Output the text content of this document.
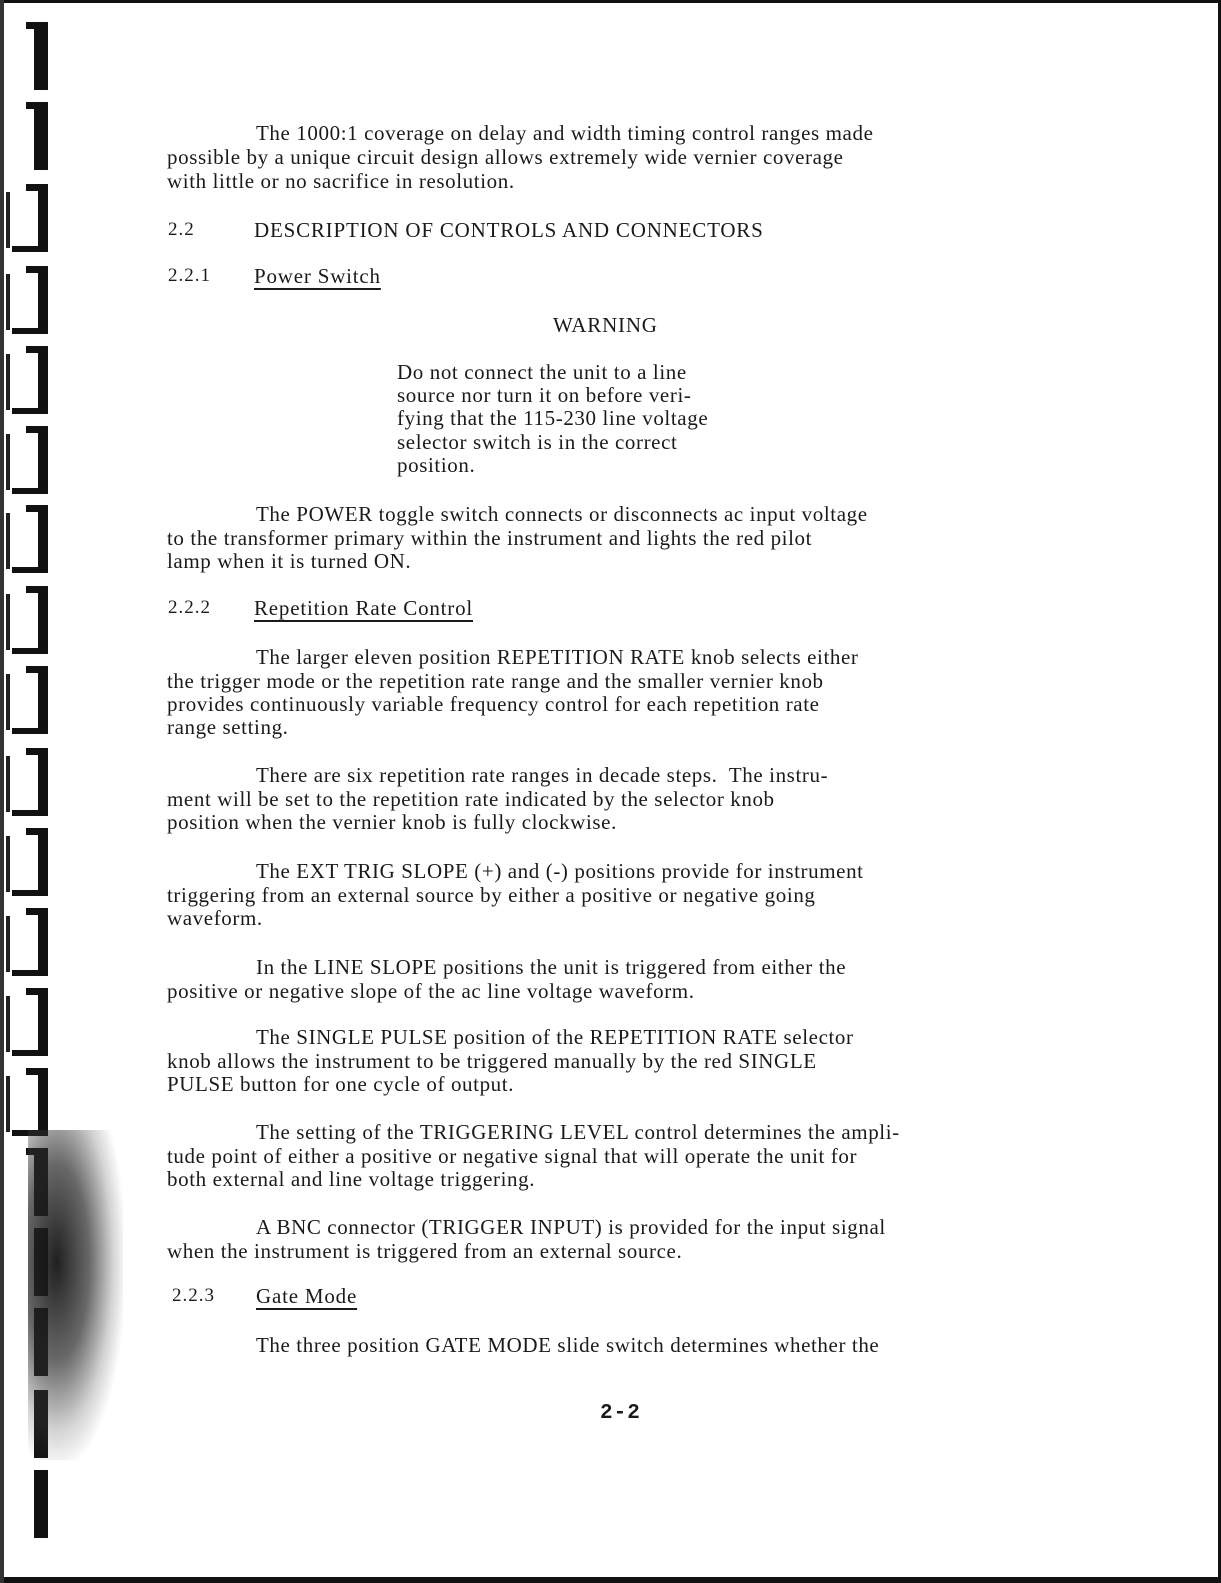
The 1000:1 coverage on delay and width timing control ranges made
possible by a unique circuit design allows extremely wide vernier coverage
with little or no sacrifice in resolution.
2.2	DESCRIPTION OF CONTROLS AND CONNECTORS
2.2.1 Power Switch
WARNING
Do not connect the unit to a line
source nor turn it on before veri-
fying that the 115-230 line voltage
selector switch is in the correct
position.
The POWER toggle switch connects or disconnects ac input voltage
to the transformer primary within the instrument and lights the red pilot
lamp when it is turned ON.
2.2.2 Repetition Rate Control
The larger eleven position REPETITION RATE knob selects either
the trigger mode or the repetition rate range and the smaller vernier knob
provides continuously variable frequency control for each repetition rate
range setting.
There are six repetition rate ranges in decade steps.  The instru-
ment will be set to the repetition rate indicated by the selector knob
position when the vernier knob is fully clockwise.
The EXT TRIG SLOPE (+) and (-) positions provide for instrument
triggering from an external source by either a positive or negative going
waveform.
In the LINE SLOPE positions the unit is triggered from either the
positive or negative slope of the ac line voltage waveform.
The SINGLE PULSE position of the REPETITION RATE selector
knob allows the instrument to be triggered manually by the red SINGLE
PULSE button for one cycle of output.
The setting of the TRIGGERING LEVEL control determines the ampli-
tude point of either a positive or negative signal that will operate the unit for
both external and line voltage triggering.
A BNC connector (TRIGGER INPUT) is provided for the input signal
when the instrument is triggered from an external source.
2.2.3 Gate Mode
The three position GATE MODE slide switch determines whether the
2-2
